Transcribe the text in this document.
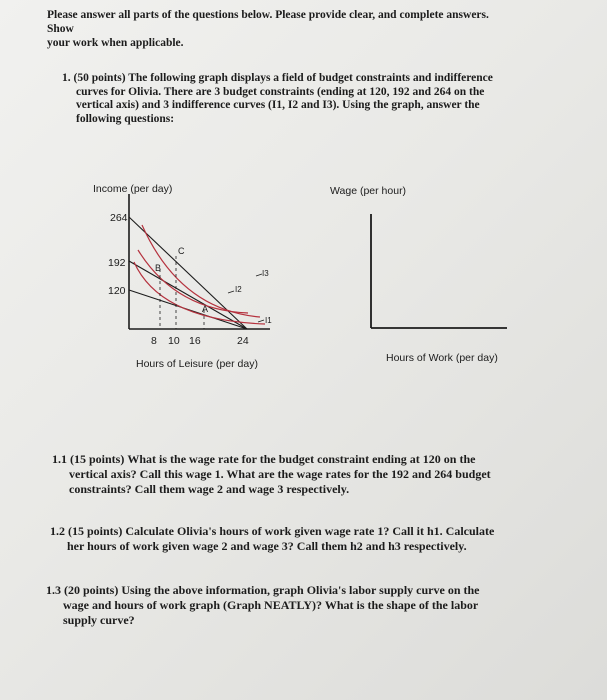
Please answer all parts of the questions below. Please provide clear, and complete answers. Show
your work when applicable.
1. (50 points) The following graph displays a field of budget constraints and indifference
curves for Olivia. There are 3 budget constraints (ending at 120, 192 and 264 on the
vertical axis) and 3 indifference curves (I1, I2 and I3). Using the graph, answer the
following questions:
Income (per day)
Hours of Leisure (per day)
264
192
120
8 10 16	24
B
C
A
I3
I2
I1
Wage (per hour)
Hours of Work (per day)
1.1 (15 points) What is the wage rate for the budget constraint ending at 120 on the
vertical axis? Call this wage 1. What are the wage rates for the 192 and 264 budget
constraints? Call them wage 2 and wage 3 respectively.
1.2 (15 points) Calculate Olivia's hours of work given wage rate 1? Call it h1. Calculate
her hours of work given wage 2 and wage 3? Call them h2 and h3 respectively.
1.3 (20 points) Using the above information, graph Olivia's labor supply curve on the
wage and hours of work graph (Graph NEATLY)? What is the shape of the labor
supply curve?
